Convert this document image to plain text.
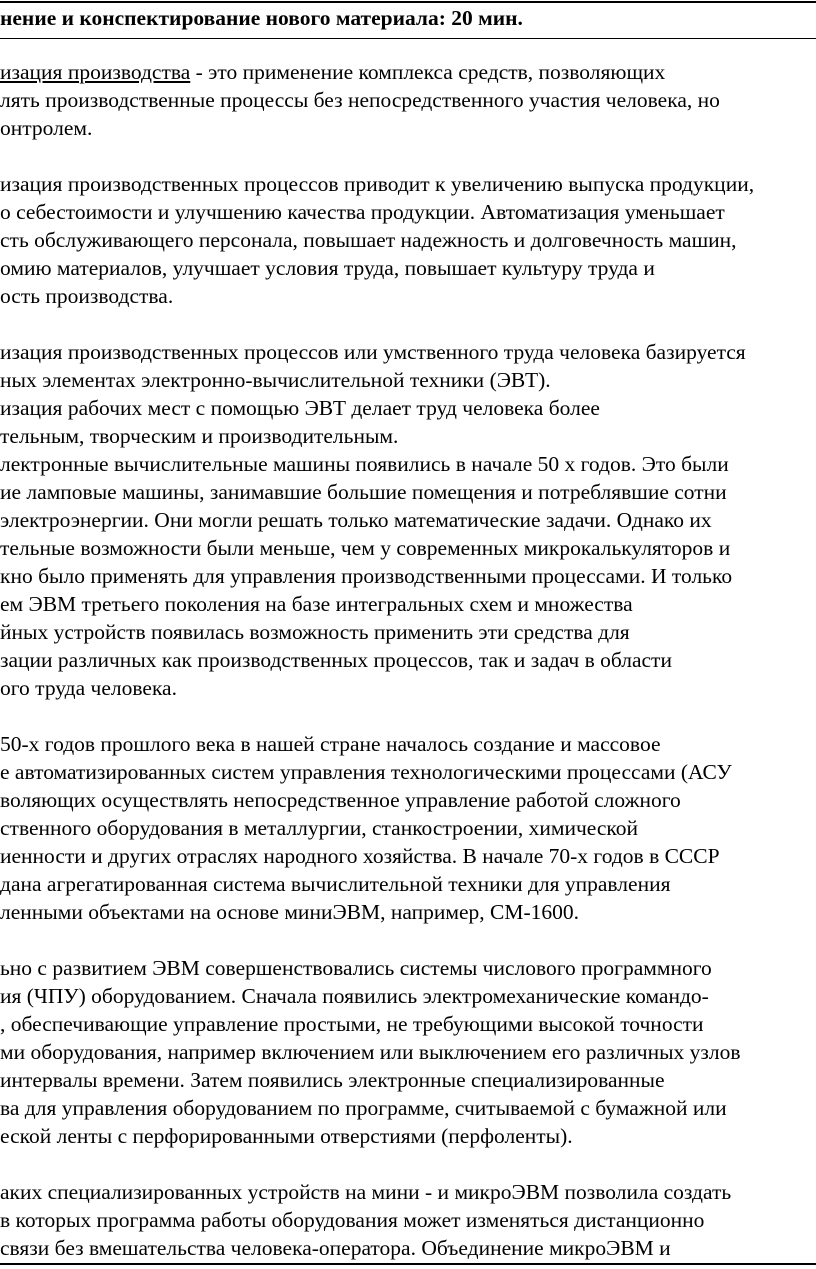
нение и конспектирование нового материала: 20 мин.
изация производства - это применение комплекса средств, позволяющих
лять производственные процессы без непосредственного участия человека, но
онтролем.
изация производственных процессов приводит к увеличению выпуска продукции,
о себестоимости и улучшению качества продукции. Автоматизация уменьшает
сть обслуживающего персонала, повышает надежность и долговечность машин,
омию материалов, улучшает условия труда, повышает культуру труда и
ость производства.
изация производственных процессов или умственного труда человека базируется
ных элементах электронно-вычислительной техники (ЭВТ).
изация рабочих мест с помощью ЭВТ делает труд человека более
тельным, творческим и производительным.
лектронные вычислительные машины появились в начале 50 х годов. Это были
ие ламповые машины, занимавшие большие помещения и потреблявшие сотни
электроэнергии. Они могли решать только математические задачи. Однако их
тельные возможности были меньше, чем у современных микрокалькуляторов и
кно было применять для управления производственными процессами. И только
ем ЭВМ третьего поколения на базе интегральных схем и множества
йных устройств появилась возможность применить эти средства для
зации различных как производственных процессов, так и задач в области
ого труда человека.
50-х годов прошлого века в нашей стране началось создание и массовое
е автоматизированных систем управления технологическими процессами (АСУ
воляющих осуществлять непосредственное управление работой сложного
ственного оборудования в металлургии, станкостроении, химической
иенности и других отраслях народного хозяйства. В начале 70-х годов в СССР
дана агрегатированная система вычислительной техники для управления
ленными объектами на основе миниЭВМ, например, СМ-1600.
ьно с развитием ЭВМ совершенствовались системы числового программного
ия (ЧПУ) оборудованием. Сначала появились электромеханические командо-
, обеспечивающие управление простыми, не требующими высокой точности
ми оборудования, например включением или выключением его различных узлов
интервалы времени. Затем появились электронные специализированные
ва для управления оборудованием по программе, считываемой с бумажной или
еской ленты с перфорированными отверстиями (перфоленты).
аких специализированных устройств на мини - и микроЭВМ позволила создать
в которых программа работы оборудования может изменяться дистанционно
связи без вмешательства человека-оператора. Объединение микроЭВМ и
